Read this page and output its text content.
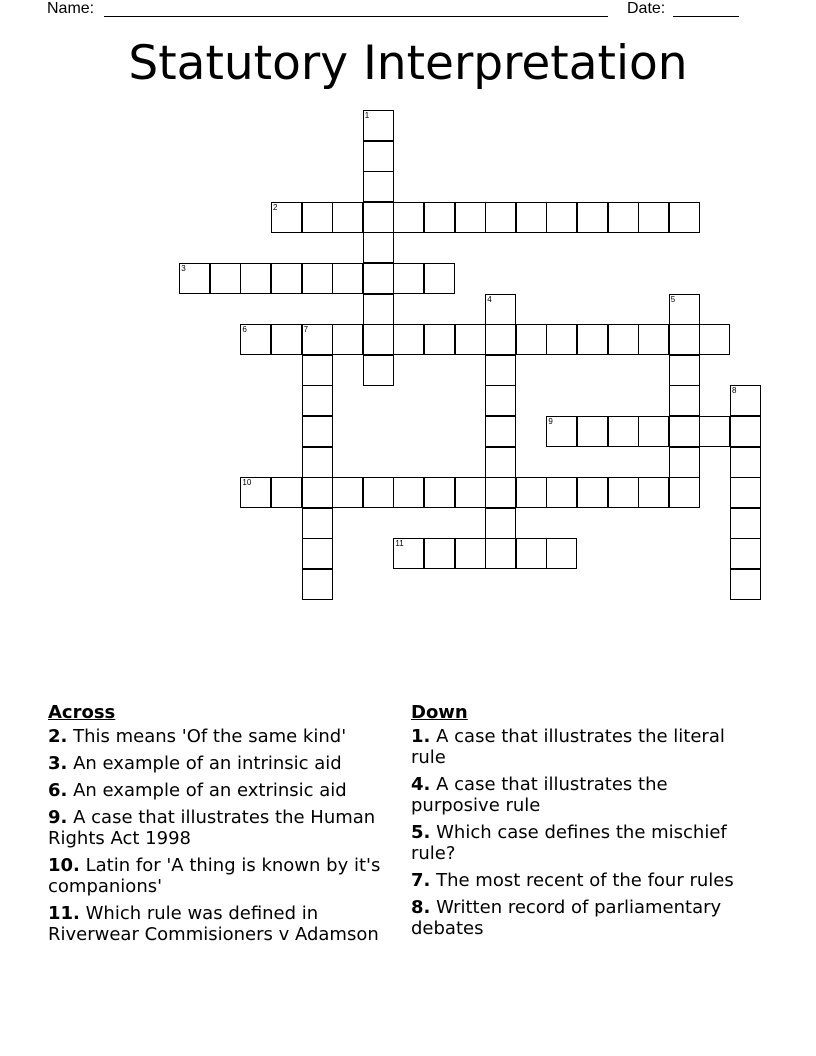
Name:	Date:
Statutory Interpretation
1
2
3
4	5
6	7
8
9
10
11
Across
2. This means 'Of the same kind'
3. An example of an intrinsic aid
6. An example of an extrinsic aid
9. A case that illustrates the Human Rights Act 1998
10. Latin for 'A thing is known by it's companions'
11. Which rule was defined in Riverwear Commisioners v Adamson
Down
1. A case that illustrates the literal rule
4. A case that illustrates the purposive rule
5. Which case defines the mischief rule?
7. The most recent of the four rules
8. Written record of parliamentary debates
